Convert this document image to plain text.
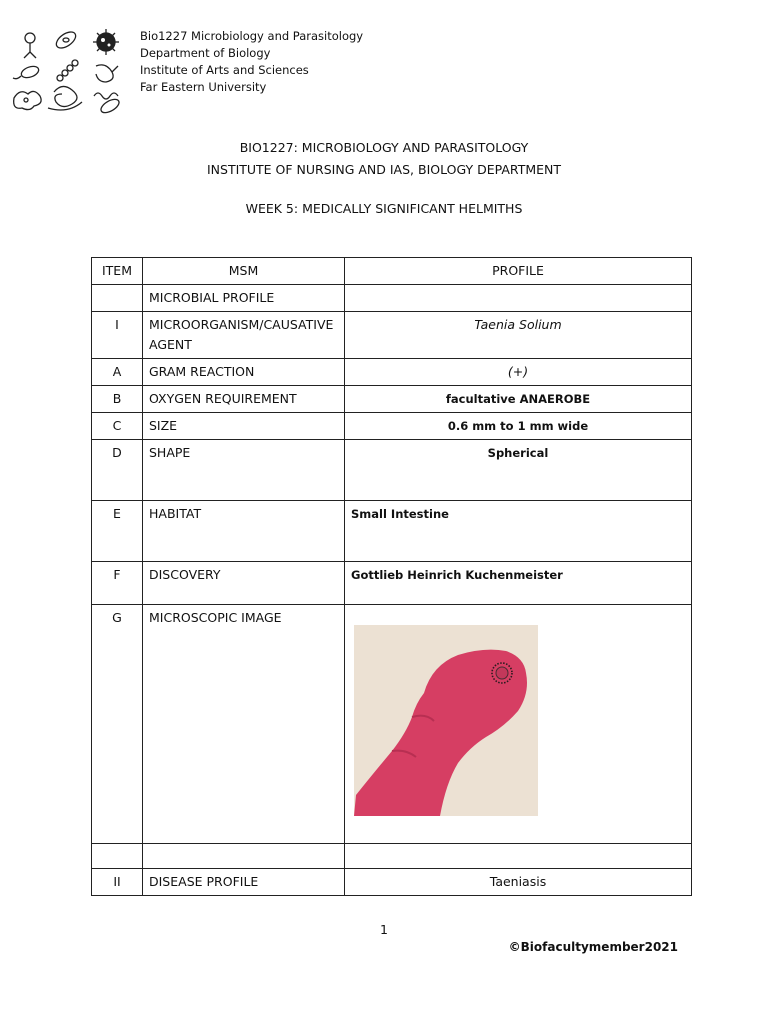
Bio1227 Microbiology and Parasitology
Department of Biology
Institute of Arts and Sciences
Far Eastern University
BIO1227: MICROBIOLOGY AND PARASITOLOGY
INSTITUTE OF NURSING AND IAS, BIOLOGY DEPARTMENT
WEEK 5: MEDICALLY SIGNIFICANT HELMITHS
ITEM	MSM	PROFILE
	MICROBIAL PROFILE	
I	MICROORGANISM/CAUSATIVE AGENT	Taenia Solium
A	GRAM REACTION	(+)
B	OXYGEN REQUIREMENT	facultative ANAEROBE
C	SIZE	0.6 mm to 1 mm wide
D	SHAPE	Spherical
E	HABITAT	Small Intestine
F	DISCOVERY	Gottlieb Heinrich Kuchenmeister
G	MICROSCOPIC IMAGE	

II	DISEASE PROFILE	Taeniasis
1
©Biofacultymember2021
